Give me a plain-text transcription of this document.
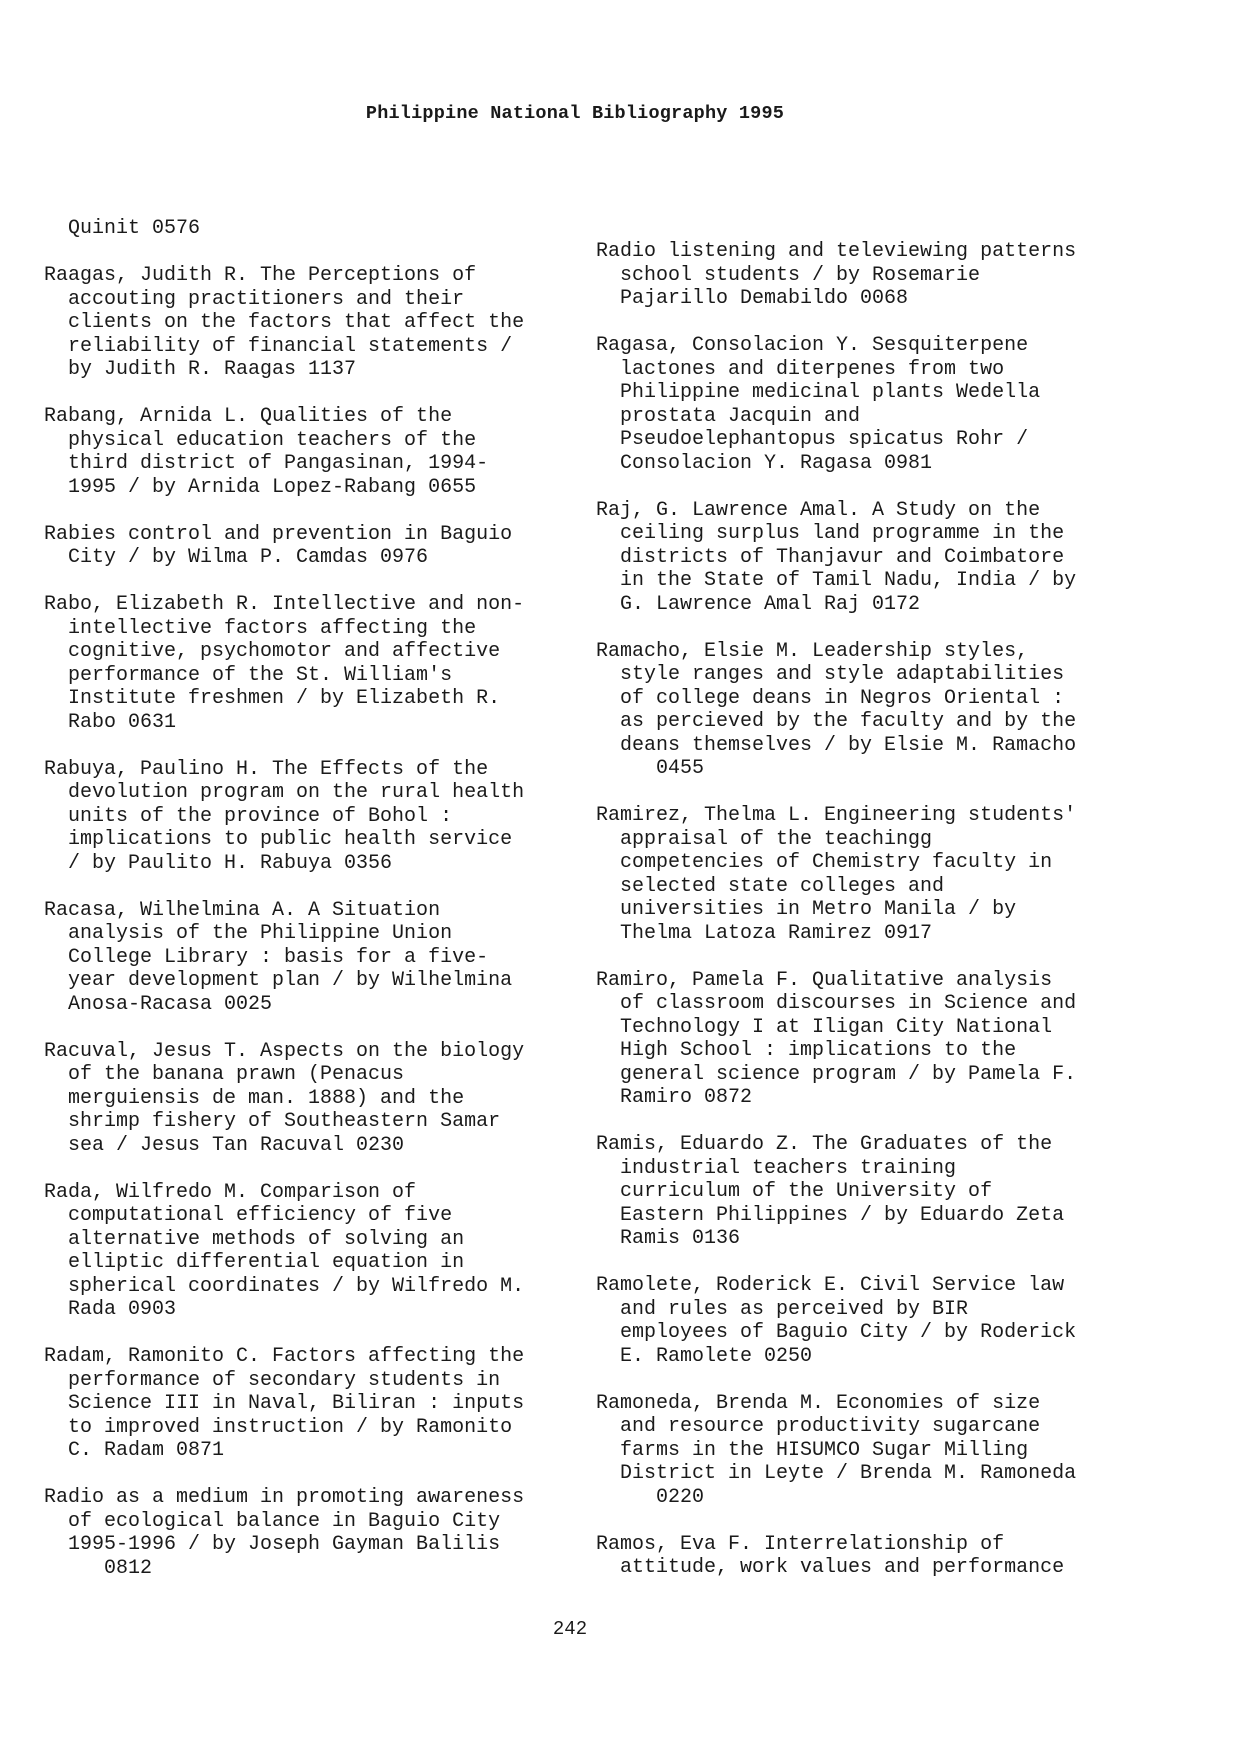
Philippine National Bibliography 1995
Quinit 0576
Raagas, Judith R. The Perceptions of
accouting practitioners and their
clients on the factors that affect the
reliability of financial statements /
by Judith R. Raagas 1137
Rabang, Arnida L. Qualities of the
physical education teachers of the
third district of Pangasinan, 1994-
1995 / by Arnida Lopez-Rabang 0655
Rabies control and prevention in Baguio
City / by Wilma P. Camdas 0976
Rabo, Elizabeth R. Intellective and non-
intellective factors affecting the
cognitive, psychomotor and affective
performance of the St. William's
Institute freshmen / by Elizabeth R.
Rabo 0631
Rabuya, Paulino H. The Effects of the
devolution program on the rural health
units of the province of Bohol :
implications to public health service
/ by Paulito H. Rabuya 0356
Racasa, Wilhelmina A. A Situation
analysis of the Philippine Union
College Library : basis for a five-
year development plan / by Wilhelmina
Anosa-Racasa 0025
Racuval, Jesus T. Aspects on the biology
of the banana prawn (Penacus
merguiensis de man. 1888) and the
shrimp fishery of Southeastern Samar
sea / Jesus Tan Racuval 0230
Rada, Wilfredo M. Comparison of
computational efficiency of five
alternative methods of solving an
elliptic differential equation in
spherical coordinates / by Wilfredo M.
Rada 0903
Radam, Ramonito C. Factors affecting the
performance of secondary students in
Science III in Naval, Biliran : inputs
to improved instruction / by Ramonito
C. Radam 0871
Radio as a medium in promoting awareness
of ecological balance in Baguio City
1995-1996 / by Joseph Gayman Balilis
0812
Radio listening and televiewing patterns
school students / by Rosemarie
Pajarillo Demabildo 0068
Ragasa, Consolacion Y. Sesquiterpene
lactones and diterpenes from two
Philippine medicinal plants Wedella
prostata Jacquin and
Pseudoelephantopus spicatus Rohr /
Consolacion Y. Ragasa 0981
Raj, G. Lawrence Amal. A Study on the
ceiling surplus land programme in the
districts of Thanjavur and Coimbatore
in the State of Tamil Nadu, India / by
G. Lawrence Amal Raj 0172
Ramacho, Elsie M. Leadership styles,
style ranges and style adaptabilities
of college deans in Negros Oriental :
as percieved by the faculty and by the
deans themselves / by Elsie M. Ramacho
0455
Ramirez, Thelma L. Engineering students'
appraisal of the teachingg
competencies of Chemistry faculty in
selected state colleges and
universities in Metro Manila / by
Thelma Latoza Ramirez 0917
Ramiro, Pamela F. Qualitative analysis
of classroom discourses in Science and
Technology I at Iligan City National
High School : implications to the
general science program / by Pamela F.
Ramiro 0872
Ramis, Eduardo Z. The Graduates of the
industrial teachers training
curriculum of the University of
Eastern Philippines / by Eduardo Zeta
Ramis 0136
Ramolete, Roderick E. Civil Service law
and rules as perceived by BIR
employees of Baguio City / by Roderick
E. Ramolete 0250
Ramoneda, Brenda M. Economies of size
and resource productivity sugarcane
farms in the HISUMCO Sugar Milling
District in Leyte / Brenda M. Ramoneda
0220
Ramos, Eva F. Interrelationship of
attitude, work values and performance
242
